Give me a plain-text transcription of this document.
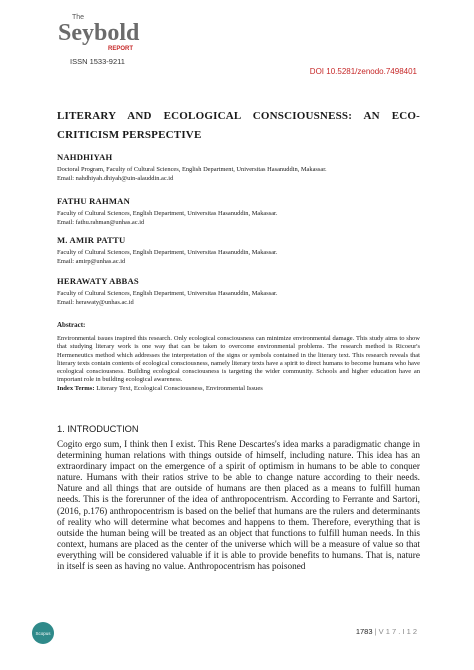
The
Seybold
REPORT
ISSN 1533-9211
DOI 10.5281/zenodo.7498401
LITERARY AND ECOLOGICAL CONSCIOUSNESS: AN ECO-CRITICISM PERSPECTIVE

NAHDHIYAH

Doctoral Program, Faculty of Cultural Sciences, English Department, Universitas Hasanuddin, Makassar.

Email: nahdhiyah.dhiyah@uin-alauddin.ac.id

FATHU RAHMAN

Faculty of Cultural Sciences, English Department, Universitas Hasanuddin, Makassar.

Email: fathu.rahman@unhas.ac.id

M. AMIR PATTU

Faculty of Cultural Sciences, English Department, Universitas Hasanuddin, Makassar.

Email: amirp@unhas.ac.id

HERAWATY ABBAS

Faculty of Cultural Sciences, English Department, Universitas Hasanuddin, Makassar.

Email: herawaty@unhas.ac.id

Abstract:

Environmental issues inspired this research. Only ecological consciousness can minimize environmental damage. This study aims to show that studying literary work is one way that can be taken to overcome environmental problems. The research method is Ricoeur's Hermeneutics method which addresses the interpretation of the signs or symbols contained in the literary text. This research reveals that literary texts contain contents of ecological consciousness, namely literary texts have a spirit to direct humans to become humans who have ecological consciousness. Building ecological consciousness is targeting the wider community. Schools and higher education have an important role in building ecological awareness.

Index Terms: Literary Text, Ecological Consciousness, Environmental Issues

1. INTRODUCTION

Cogito ergo sum, I think then I exist. This Rene Descartes's idea marks a paradigmatic change in determining human relations with things outside of himself, including nature. This idea has an extraordinary impact on the emergence of a spirit of optimism in humans to be able to conquer nature. Humans with their ratios strive to be able to change nature according to their needs. Nature and all things that are outside of humans are then placed as a means to fulfill human needs. This is the forerunner of the idea of anthropocentrism. According to Ferrante and Sartori, (2016, p.176) anthropocentrism is based on the belief that humans are the rulers and determinants of reality who will determine what becomes and happens to them. Therefore, everything that is outside the human being will be treated as an object that functions to fulfill human needs. In this context, humans are placed as the center of the universe which will be a measure of value so that everything will be considered valuable if it is able to provide benefits to humans. That is, nature in itself is seen as having no value. Anthropocentrism has poisoned

Scopus	1783 | V 1 7 . I 1 2
